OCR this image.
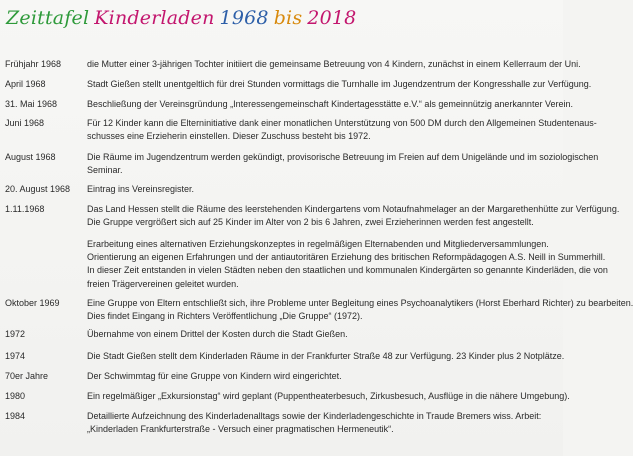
Zeittafel Kinderladen 1968 bis 2018
Frühjahr 1968	die Mutter einer 3-jährigen Tochter initiiert die gemeinsame Betreuung von 4 Kindern, zunächst in einem Kellerraum der Uni.
April 1968	Stadt Gießen stellt unentgeltlich für drei Stunden vormittags die Turnhalle im Jugendzentrum der Kongresshalle zur Verfügung.
31. Mai 1968	Beschließung der Vereinsgründung „Interessengemeinschaft Kindertagesstätte e.V.“ als gemeinnützig anerkannter Verein.
Juni 1968	Für 12 Kinder kann die Elterninitiative dank einer monatlichen Unterstützung von 500 DM durch den Allgemeinen Studentenaus-
schusses eine Erzieherin einstellen. Dieser Zuschuss besteht bis 1972.
August 1968	Die Räume im Jugendzentrum werden gekündigt, provisorische Betreuung im Freien auf dem Unigelände und im soziologischen
Seminar.
20. August 1968	Eintrag ins Vereinsregister.
1.11.1968	Das Land Hessen stellt die Räume des leerstehenden Kindergartens vom Notaufnahmelager an der Margarethenhütte zur Verfügung.
Die Gruppe vergrößert sich auf 25 Kinder im Alter von 2 bis 6 Jahren, zwei Erzieherinnen werden fest angestellt.
Erarbeitung eines alternativen Erziehungskonzeptes in regelmäßigen Elternabenden und Mitgliederversammlungen.
Orientierung an eigenen Erfahrungen und der antiautoritären Erziehung des britischen Reformpädagogen A.S. Neill in Summerhill.
In dieser Zeit entstanden in vielen Städten neben den staatlichen und kommunalen Kindergärten so genannte Kinderläden, die von
freien Trägervereinen geleitet wurden.
Oktober 1969	Eine Gruppe von Eltern entschließt sich, ihre Probleme unter Begleitung eines Psychoanalytikers (Horst Eberhard Richter) zu bearbeiten.
Dies findet Eingang in Richters Veröffentlichung „Die Gruppe“ (1972).
1972	Übernahme von einem Drittel der Kosten durch die Stadt Gießen.
1974	Die Stadt Gießen stellt dem Kinderladen Räume in der Frankfurter Straße 48 zur Verfügung. 23 Kinder plus 2 Notplätze.
70er Jahre	Der Schwimmtag für eine Gruppe von Kindern wird eingerichtet.
1980	Ein regelmäßiger „Exkursionstag“ wird geplant (Puppentheaterbesuch, Zirkusbesuch, Ausflüge in die nähere Umgebung).
1984	Detaillierte Aufzeichnung des Kinderladenalltags sowie der Kinderladengeschichte in Traude Bremers wiss. Arbeit:
„Kinderladen Frankfurterstraße - Versuch einer pragmatischen Hermeneutik“.
